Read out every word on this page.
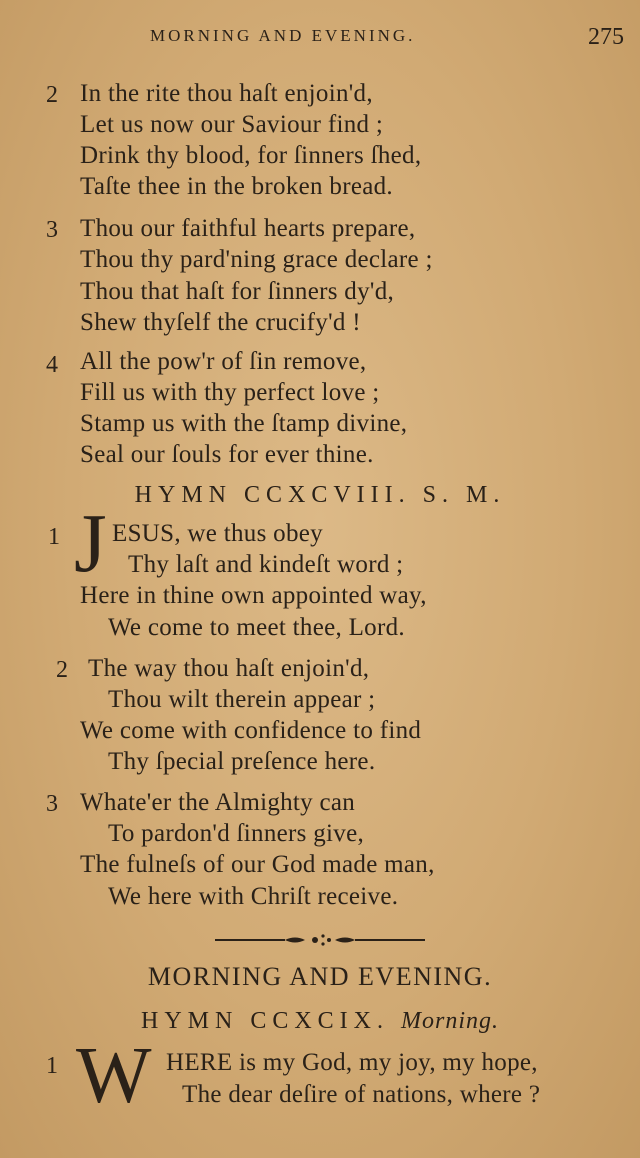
MORNING AND EVENING.	275
2 In the rite thou haſt enjoin'd,
Let us now our Saviour find ;
Drink thy blood, for ſinners ſhed,
Taſte thee in the broken bread.
3 Thou our faithful hearts prepare,
Thou thy pard'ning grace declare ;
Thou that haſt for ſinners dy'd,
Shew thyſelf the crucify'd !
4 All the pow'r of ſin remove,
Fill us with thy perfect love ;
Stamp us with the ſtamp divine,
Seal our ſouls for ever thine.
HYMN CCXCVIII. S. M.
1 J ESUS, we thus obey
Thy laſt and kindeſt word ;
Here in thine own appointed way,
We come to meet thee, Lord.
2 The way thou haſt enjoin'd,
Thou wilt therein appear ;
We come with confidence to find
Thy ſpecial preſence here.
3 Whate'er the Almighty can
To pardon'd ſinners give,
The fulneſs of our God made man,
We here with Chriſt receive.
MORNING AND EVENING.
HYMN CCXCIX. Morning.
1 W HERE is my God, my joy, my hope,
The dear deſire of nations, where ?
